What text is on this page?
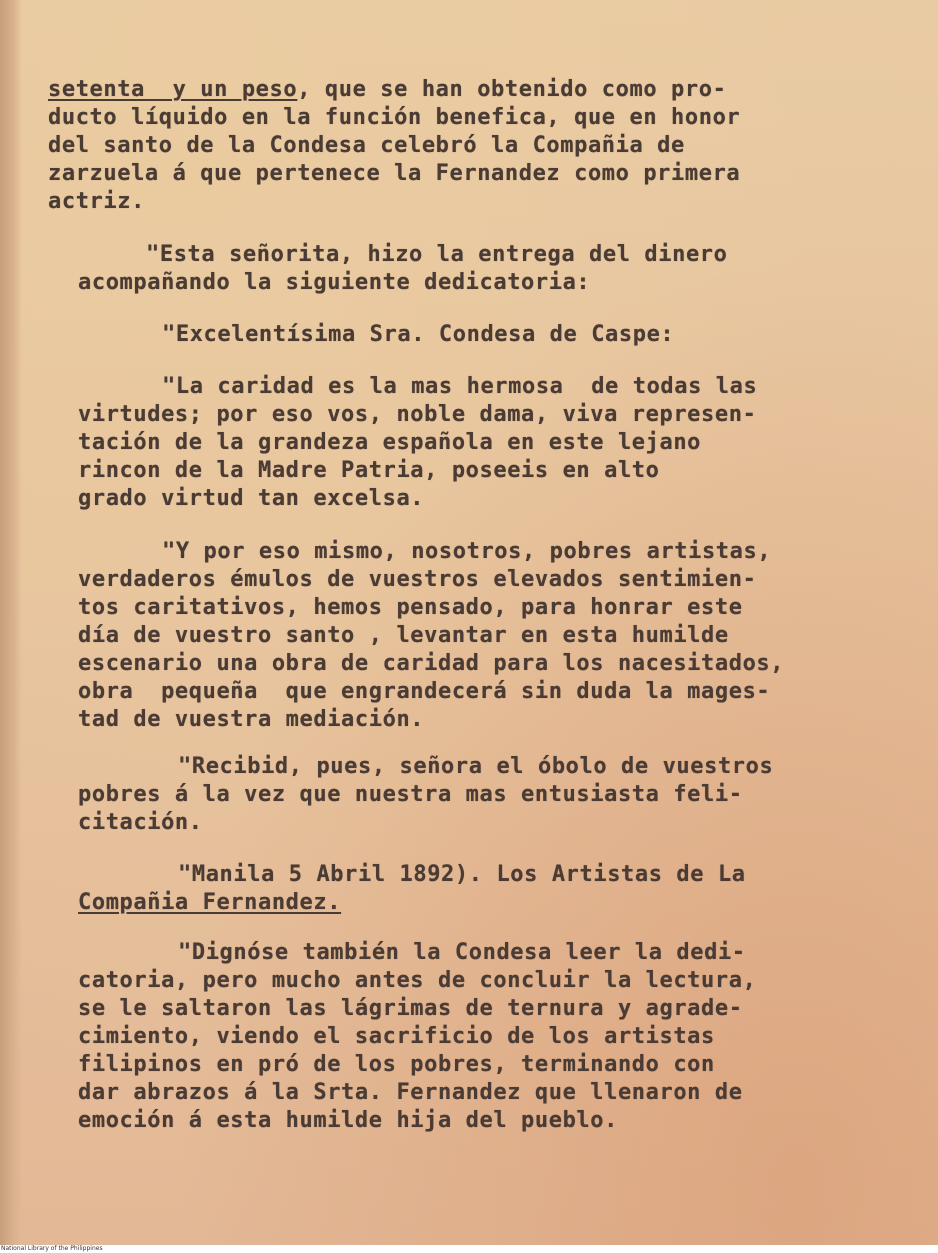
setenta  y un peso, que se han obtenido como pro-
ducto líquido en la función benefica, que en honor
del santo de la Condesa celebró la Compañia de
zarzuela á que pertenece la Fernandez como primera
actriz.
"Esta señorita, hizo la entrega del dinero
acompañando la siguiente dedicatoria:
"Excelentísima Sra. Condesa de Caspe:
"La caridad es la mas hermosa  de todas las
virtudes; por eso vos, noble dama, viva represen-
tación de la grandeza española en este lejano
rincon de la Madre Patria, poseeis en alto
grado virtud tan excelsa.
"Y por eso mismo, nosotros, pobres artistas,
verdaderos émulos de vuestros elevados sentimien-
tos caritativos, hemos pensado, para honrar este
día de vuestro santo , levantar en esta humilde
escenario una obra de caridad para los nacesitados,
obra  pequeña  que engrandecerá sin duda la mages-
tad de vuestra mediación.
"Recibid, pues, señora el óbolo de vuestros
pobres á la vez que nuestra mas entusiasta feli-
citación.
"Manila 5 Abril 1892). Los Artistas de La
Compañia Fernandez.
"Dignóse también la Condesa leer la dedi-
catoria, pero mucho antes de concluir la lectura,
se le saltaron las lágrimas de ternura y agrade-
cimiento, viendo el sacrificio de los artistas
filipinos en pró de los pobres, terminando con
dar abrazos á la Srta. Fernandez que llenaron de
emoción á esta humilde hija del pueblo.
National Library of the Philippines
